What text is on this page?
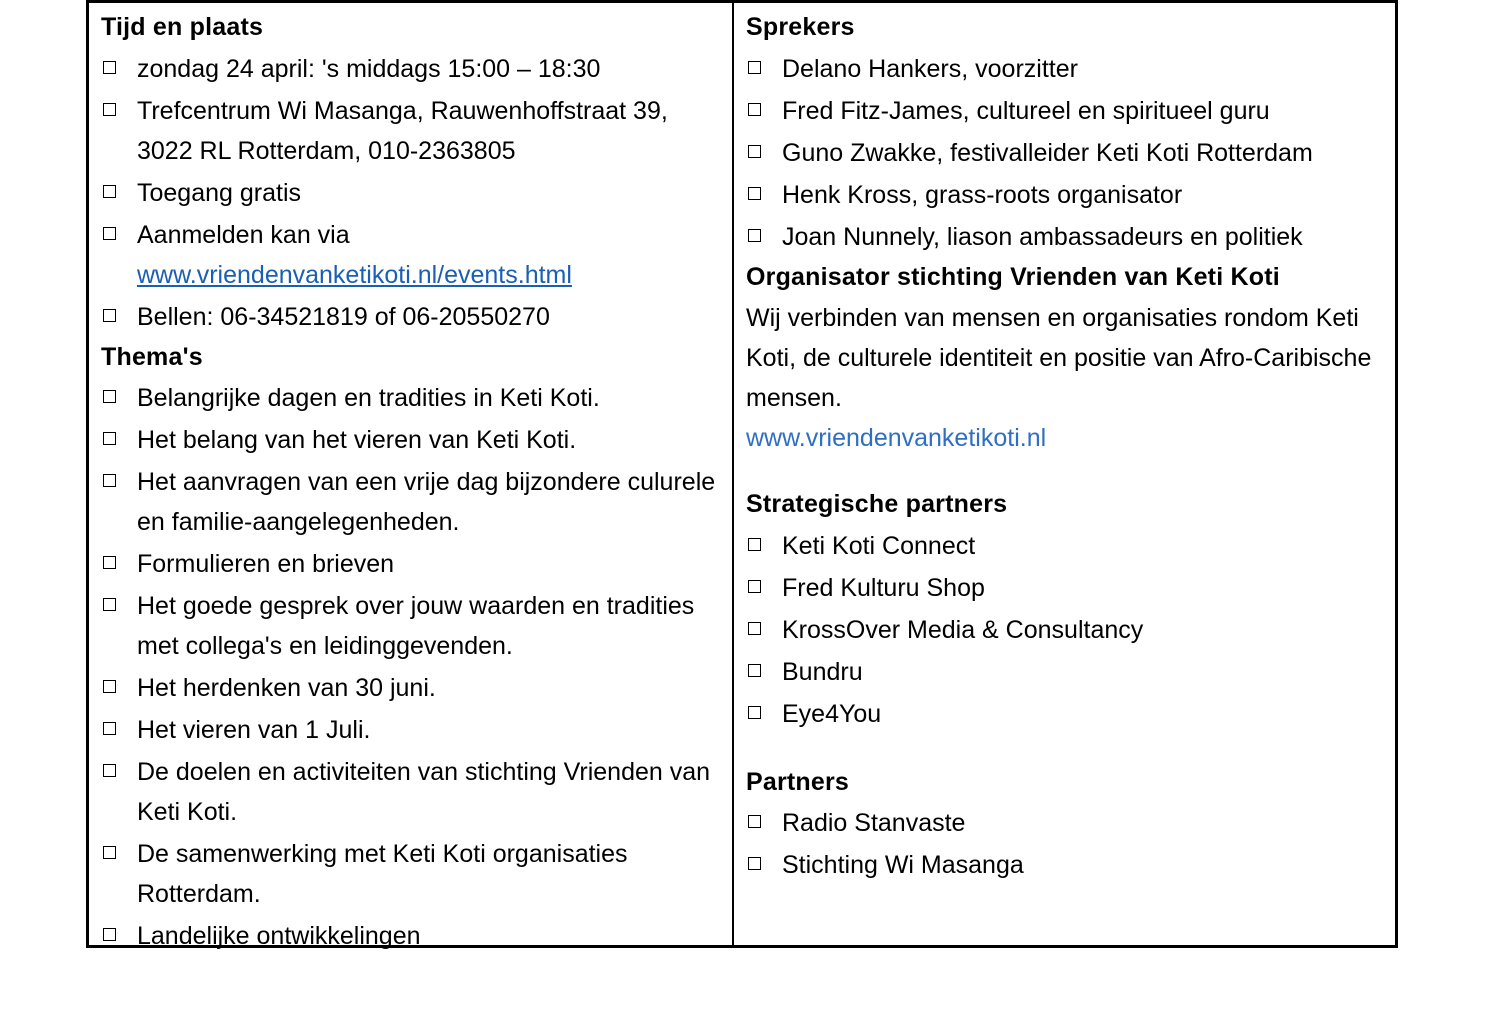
Tijd en plaats
zondag 24 april: 's middags 15:00 – 18:30
Trefcentrum Wi Masanga, Rauwenhoffstraat 39, 3022 RL Rotterdam, 010-2363805
Toegang gratis
Aanmelden kan via
www.vriendenvanketikoti.nl/events.html
Bellen: 06-34521819 of 06-20550270
Thema's
Belangrijke dagen en tradities in Keti Koti.
Het belang van het vieren van Keti Koti.
Het aanvragen van een vrije dag bijzondere culurele en familie-aangelegenheden.
Formulieren en brieven
Het goede gesprek over jouw waarden en tradities met collega's en leidinggevenden.
Het herdenken van 30 juni.
Het vieren van 1 Juli.
De doelen en activiteiten van stichting Vrienden van Keti Koti.
De samenwerking met Keti Koti organisaties Rotterdam.
Landelijke ontwikkelingen
Sprekers
Delano Hankers, voorzitter
Fred Fitz-James, cultureel en spiritueel guru
Guno Zwakke, festivalleider Keti Koti Rotterdam
Henk Kross, grass-roots organisator
Joan Nunnely, liason ambassadeurs en politiek
Organisator stichting Vrienden van Keti Koti

Wij verbinden van mensen en organisaties rondom Keti Koti, de culturele identiteit en positie van Afro-Caribische mensen.

www.vriendenvanketikoti.nl
Strategische partners
Keti Koti Connect
Fred Kulturu Shop
KrossOver Media & Consultancy
Bundru
Eye4You
Partners
Radio Stanvaste
Stichting Wi Masanga
